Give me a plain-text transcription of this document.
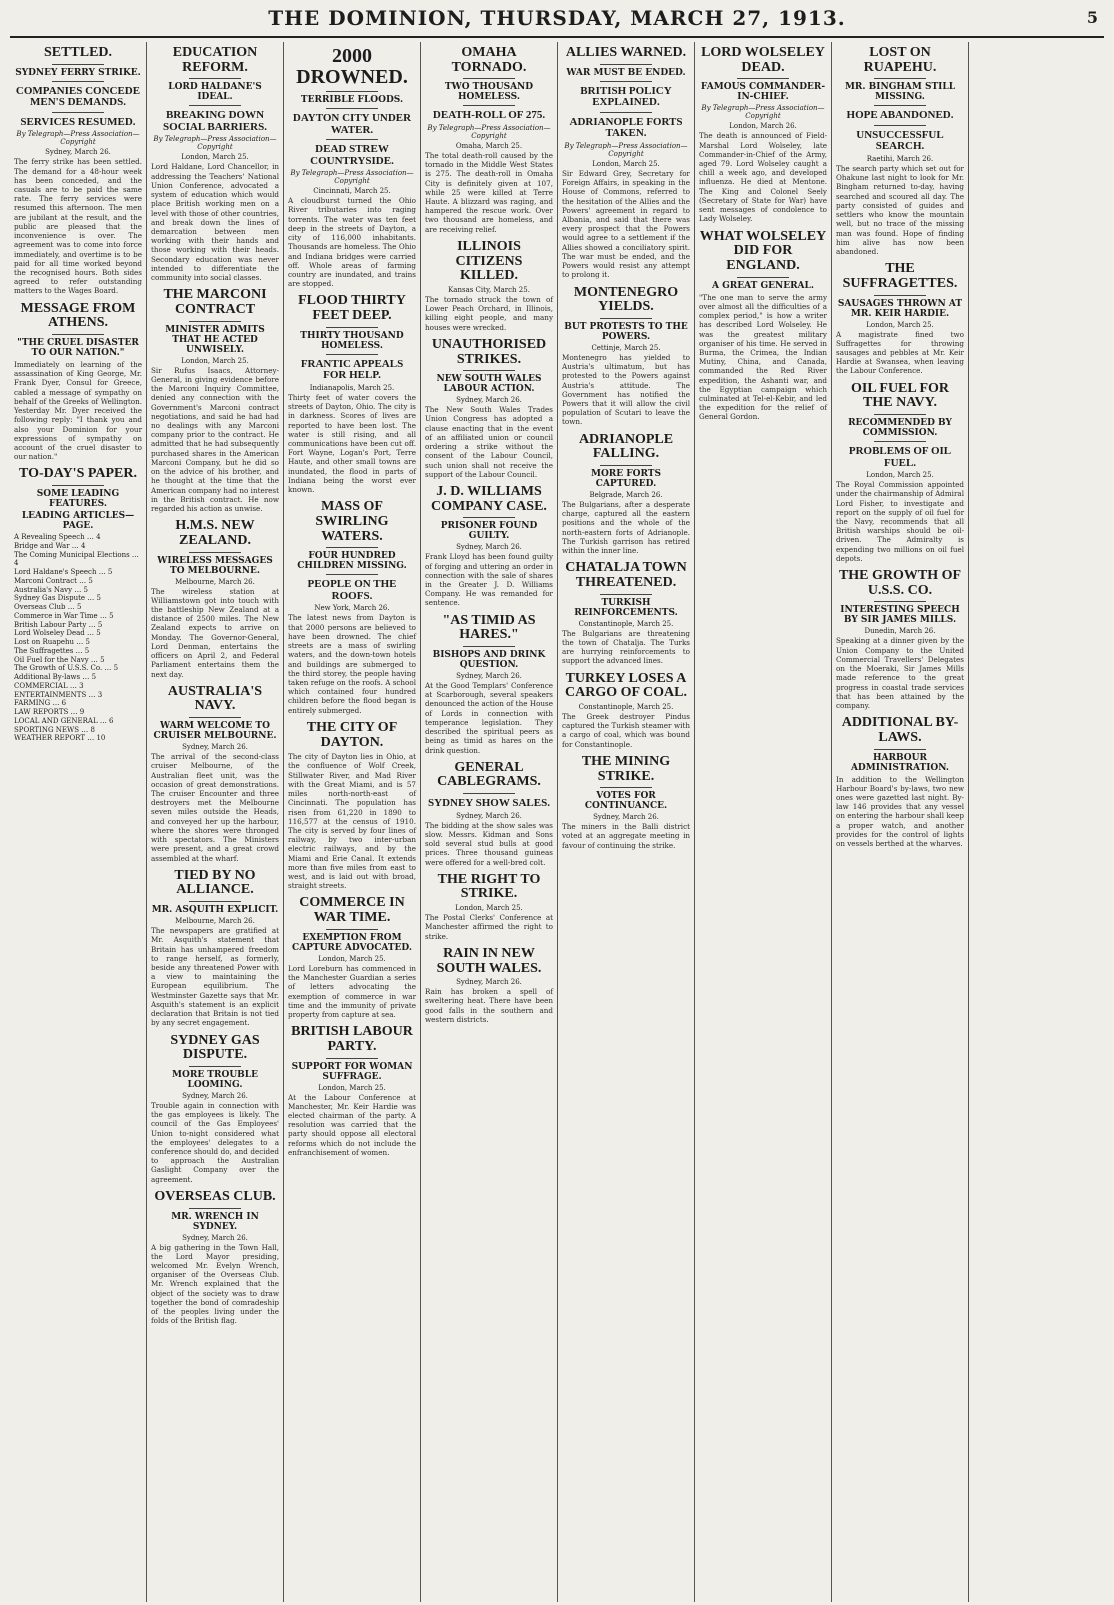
THE DOMINION, THURSDAY, MARCH 27, 1913.	5
SETTLED.
SYDNEY FERRY STRIKE.
COMPANIES CONCEDE MEN'S DEMANDS.
SERVICES RESUMED.
By Telegraph—Press Association—Copyright
Sydney, March 26.

The ferry strike has been settled. The demand for a 48-hour week has been conceded, and the casuals are to be paid the same rate. The ferry services were resumed this afternoon. The men are jubilant at the result, and the public are pleased that the inconvenience is over. The agreement was to come into force immediately, and overtime is to be paid for all time worked beyond the recognised hours. Both sides agreed to refer outstanding matters to the Wages Board.

MESSAGE FROM ATHENS.
"THE CRUEL DISASTER TO OUR NATION."

Immediately on learning of the assassination of King George, Mr. Frank Dyer, Consul for Greece, cabled a message of sympathy on behalf of the Greeks of Wellington. Yesterday Mr. Dyer received the following reply: "I thank you and also your Dominion for your expressions of sympathy on account of the cruel disaster to our nation."

TO-DAY'S PAPER.
SOME LEADING FEATURES.
LEADING ARTICLES— PAGE.
A Revealing Speech … 4
Bridge and War … 4
The Coming Municipal Elections … 4
Lord Haldane's Speech … 5
Marconi Contract … 5
Australia's Navy … 5
Sydney Gas Dispute … 5
Overseas Club … 5
Commerce in War Time … 5
British Labour Party … 5
Lord Wolseley Dead … 5
Lost on Ruapehu … 5
The Suffragettes … 5
Oil Fuel for the Navy … 5
The Growth of U.S.S. Co. … 5
Additional By-laws … 5
COMMERCIAL … 3
ENTERTAINMENTS … 3
FARMING … 6
LAW REPORTS … 9
LOCAL AND GENERAL … 6
SPORTING NEWS … 8
WEATHER REPORT … 10
EDUCATION REFORM.
LORD HALDANE'S IDEAL.
BREAKING DOWN SOCIAL BARRIERS.
By Telegraph—Press Association—Copyright
London, March 25.

Lord Haldane, Lord Chancellor, in addressing the Teachers' National Union Conference, advocated a system of education which would place British working men on a level with those of other countries, and break down the lines of demarcation between men working with their hands and those working with their heads. Secondary education was never intended to differentiate the community into social classes.

THE MARCONI CONTRACT
MINISTER ADMITS THAT HE ACTED UNWISELY.
London, March 25.

Sir Rufus Isaacs, Attorney-General, in giving evidence before the Marconi Inquiry Committee, denied any connection with the Government's Marconi contract negotiations, and said he had had no dealings with any Marconi company prior to the contract. He admitted that he had subsequently purchased shares in the American Marconi Company, but he did so on the advice of his brother, and he thought at the time that the American company had no interest in the British contract. He now regarded his action as unwise.

H.M.S. NEW ZEALAND.
WIRELESS MESSAGES TO MELBOURNE.
Melbourne, March 26.

The wireless station at Williamstown got into touch with the battleship New Zealand at a distance of 2500 miles. The New Zealand expects to arrive on Monday. The Governor-General, Lord Denman, entertains the officers on April 2, and Federal Parliament entertains them the next day.

AUSTRALIA'S NAVY.
WARM WELCOME TO CRUISER MELBOURNE.
Sydney, March 26.

The arrival of the second-class cruiser Melbourne, of the Australian fleet unit, was the occasion of great demonstrations. The cruiser Encounter and three destroyers met the Melbourne seven miles outside the Heads, and conveyed her up the harbour, where the shores were thronged with spectators. The Ministers were present, and a great crowd assembled at the wharf.

TIED BY NO ALLIANCE.
MR. ASQUITH EXPLICIT.
Melbourne, March 26.

The newspapers are gratified at Mr. Asquith's statement that Britain has unhampered freedom to range herself, as formerly, beside any threatened Power with a view to maintaining the European equilibrium. The Westminster Gazette says that Mr. Asquith's statement is an explicit declaration that Britain is not tied by any secret engagement.

SYDNEY GAS DISPUTE.
MORE TROUBLE LOOMING.
Sydney, March 26.

Trouble again in connection with the gas employees is likely. The council of the Gas Employees' Union to-night considered what the employees' delegates to a conference should do, and decided to approach the Australian Gaslight Company over the agreement.

OVERSEAS CLUB.
MR. WRENCH IN SYDNEY.
Sydney, March 26.

A big gathering in the Town Hall, the Lord Mayor presiding, welcomed Mr. Evelyn Wrench, organiser of the Overseas Club. Mr. Wrench explained that the object of the society was to draw together the bond of comradeship of the peoples living under the folds of the British flag.

2000 DROWNED.
TERRIBLE FLOODS.
DAYTON CITY UNDER WATER.
DEAD STREW COUNTRYSIDE.
By Telegraph—Press Association—Copyright
Cincinnati, March 25.

A cloudburst turned the Ohio River tributaries into raging torrents. The water was ten feet deep in the streets of Dayton, a city of 116,000 inhabitants. Thousands are homeless. The Ohio and Indiana bridges were carried off. Whole areas of farming country are inundated, and trains are stopped.

FLOOD THIRTY FEET DEEP.
THIRTY THOUSAND HOMELESS.
FRANTIC APPEALS FOR HELP.
Indianapolis, March 25.

Thirty feet of water covers the streets of Dayton, Ohio. The city is in darkness. Scores of lives are reported to have been lost. The water is still rising, and all communications have been cut off. Fort Wayne, Logan's Port, Terre Haute, and other small towns are inundated, the flood in parts of Indiana being the worst ever known.

MASS OF SWIRLING WATERS.
FOUR HUNDRED CHILDREN MISSING.
PEOPLE ON THE ROOFS.
New York, March 26.

The latest news from Dayton is that 2000 persons are believed to have been drowned. The chief streets are a mass of swirling waters, and the down-town hotels and buildings are submerged to the third storey, the people having taken refuge on the roofs. A school which contained four hundred children before the flood began is entirely submerged.

THE CITY OF DAYTON.

The city of Dayton lies in Ohio, at the confluence of Wolf Creek, Stillwater River, and Mad River with the Great Miami, and is 57 miles north-north-east of Cincinnati. The population has risen from 61,220 in 1890 to 116,577 at the census of 1910. The city is served by four lines of railway, by two inter-urban electric railways, and by the Miami and Erie Canal. It extends more than five miles from east to west, and is laid out with broad, straight streets.

COMMERCE IN WAR TIME.
EXEMPTION FROM CAPTURE ADVOCATED.
London, March 25.

Lord Loreburn has commenced in the Manchester Guardian a series of letters advocating the exemption of commerce in war time and the immunity of private property from capture at sea.

BRITISH LABOUR PARTY.
SUPPORT FOR WOMAN SUFFRAGE.
London, March 25.

At the Labour Conference at Manchester, Mr. Keir Hardie was elected chairman of the party. A resolution was carried that the party should oppose all electoral reforms which do not include the enfranchisement of women.

OMAHA TORNADO.
TWO THOUSAND HOMELESS.
DEATH-ROLL OF 275.
By Telegraph—Press Association—Copyright
Omaha, March 25.

The total death-roll caused by the tornado in the Middle West States is 275. The death-roll in Omaha City is definitely given at 107, while 25 were killed at Terre Haute. A blizzard was raging, and hampered the rescue work. Over two thousand are homeless, and are receiving relief.

ILLINOIS CITIZENS KILLED.
Kansas City, March 25.

The tornado struck the town of Lower Peach Orchard, in Illinois, killing eight people, and many houses were wrecked.

UNAUTHORISED STRIKES.
NEW SOUTH WALES LABOUR ACTION.
Sydney, March 26.

The New South Wales Trades Union Congress has adopted a clause enacting that in the event of an affiliated union or council ordering a strike without the consent of the Labour Council, such union shall not receive the support of the Labour Council.

J. D. WILLIAMS COMPANY CASE.
PRISONER FOUND GUILTY.
Sydney, March 26.

Frank Lloyd has been found guilty of forging and uttering an order in connection with the sale of shares in the Greater J. D. Williams Company. He was remanded for sentence.

"AS TIMID AS HARES."
BISHOPS AND DRINK QUESTION.
Sydney, March 26.

At the Good Templars' Conference at Scarborough, several speakers denounced the action of the House of Lords in connection with temperance legislation. They described the spiritual peers as being as timid as hares on the drink question.

GENERAL CABLEGRAMS.
SYDNEY SHOW SALES.
Sydney, March 26.

The bidding at the show sales was slow. Messrs. Kidman and Sons sold several stud bulls at good prices. Three thousand guineas were offered for a well-bred colt.

THE RIGHT TO STRIKE.
London, March 25.

The Postal Clerks' Conference at Manchester affirmed the right to strike.

RAIN IN NEW SOUTH WALES.
Sydney, March 26.

Rain has broken a spell of sweltering heat. There have been good falls in the southern and western districts.

ALLIES WARNED.
WAR MUST BE ENDED.
BRITISH POLICY EXPLAINED.
ADRIANOPLE FORTS TAKEN.
By Telegraph—Press Association—Copyright
London, March 25.

Sir Edward Grey, Secretary for Foreign Affairs, in speaking in the House of Commons, referred to the hesitation of the Allies and the Powers' agreement in regard to Albania, and said that there was every prospect that the Powers would agree to a settlement if the Allies showed a conciliatory spirit. The war must be ended, and the Powers would resist any attempt to prolong it.

MONTENEGRO YIELDS.
BUT PROTESTS TO THE POWERS.
Cettinje, March 25.

Montenegro has yielded to Austria's ultimatum, but has protested to the Powers against Austria's attitude. The Government has notified the Powers that it will allow the civil population of Scutari to leave the town.

ADRIANOPLE FALLING.
MORE FORTS CAPTURED.
Belgrade, March 26.

The Bulgarians, after a desperate charge, captured all the eastern positions and the whole of the north-eastern forts of Adrianople. The Turkish garrison has retired within the inner line.

CHATALJA TOWN THREATENED.
TURKISH REINFORCEMENTS.
Constantinople, March 25.

The Bulgarians are threatening the town of Chatalja. The Turks are hurrying reinforcements to support the advanced lines.

TURKEY LOSES A CARGO OF COAL.
Constantinople, March 25.

The Greek destroyer Pindus captured the Turkish steamer with a cargo of coal, which was bound for Constantinople.

THE MINING STRIKE.
VOTES FOR CONTINUANCE.
Sydney, March 26.

The miners in the Balli district voted at an aggregate meeting in favour of continuing the strike.

LORD WOLSELEY DEAD.
FAMOUS COMMANDER-IN-CHIEF.
By Telegraph—Press Association—Copyright
London, March 26.

The death is announced of Field-Marshal Lord Wolseley, late Commander-in-Chief of the Army, aged 79. Lord Wolseley caught a chill a week ago, and developed influenza. He died at Mentone. The King and Colonel Seely (Secretary of State for War) have sent messages of condolence to Lady Wolseley.

WHAT WOLSELEY DID FOR ENGLAND.
A GREAT GENERAL.

"The one man to serve the army over almost all the difficulties of a complex period," is how a writer has described Lord Wolseley. He was the greatest military organiser of his time. He served in Burma, the Crimea, the Indian Mutiny, China, and Canada, commanded the Red River expedition, the Ashanti war, and the Egyptian campaign which culminated at Tel-el-Kebir, and led the expedition for the relief of General Gordon.

LOST ON RUAPEHU.
MR. BINGHAM STILL MISSING.
HOPE ABANDONED.
UNSUCCESSFUL SEARCH.
Raetihi, March 26.

The search party which set out for Ohakune last night to look for Mr. Bingham returned to-day, having searched and scoured all day. The party consisted of guides and settlers who know the mountain well, but no trace of the missing man was found. Hope of finding him alive has now been abandoned.

THE SUFFRAGETTES.
SAUSAGES THROWN AT MR. KEIR HARDIE.
London, March 25.

A magistrate fined two Suffragettes for throwing sausages and pebbles at Mr. Keir Hardie at Swansea, when leaving the Labour Conference.

OIL FUEL FOR THE NAVY.
RECOMMENDED BY COMMISSION.
PROBLEMS OF OIL FUEL.
London, March 25.

The Royal Commission appointed under the chairmanship of Admiral Lord Fisher, to investigate and report on the supply of oil fuel for the Navy, recommends that all British warships should be oil-driven. The Admiralty is expending two millions on oil fuel depots.

THE GROWTH OF U.S.S. CO.
INTERESTING SPEECH BY SIR JAMES MILLS.
Dunedin, March 26.

Speaking at a dinner given by the Union Company to the United Commercial Travellers' Delegates on the Moeraki, Sir James Mills made reference to the great progress in coastal trade services that has been attained by the company.

ADDITIONAL BY-LAWS.
HARBOUR ADMINISTRATION.

In addition to the Wellington Harbour Board's by-laws, two new ones were gazetted last night. By-law 146 provides that any vessel on entering the harbour shall keep a proper watch, and another provides for the control of lights on vessels berthed at the wharves.
